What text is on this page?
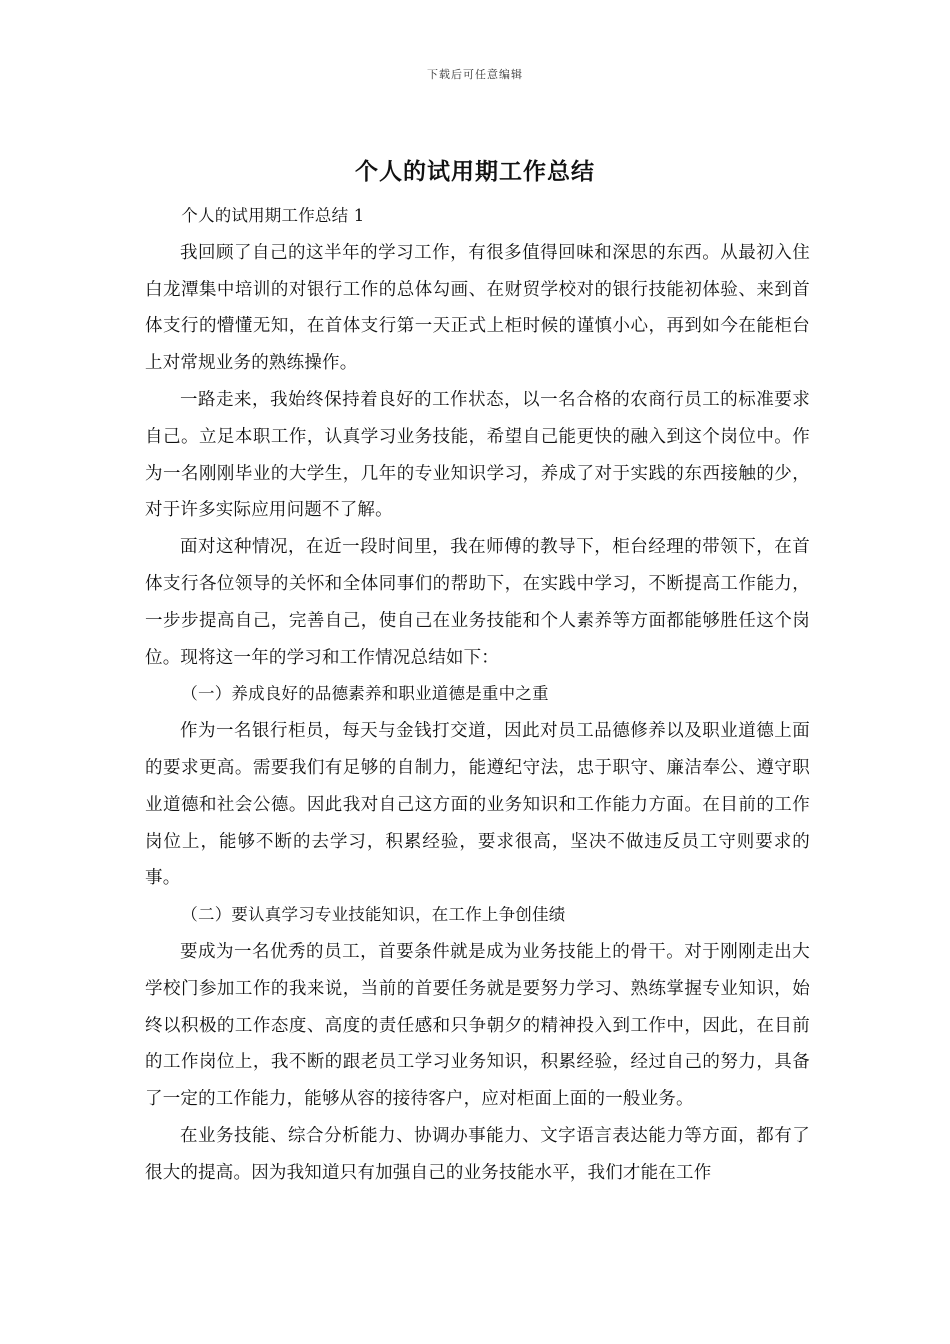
下载后可任意编辑
个人的试用期工作总结

个人的试用期工作总结 1

我回顾了自己的这半年的学习工作，有很多值得回味和深思的东西。从最初入住白龙潭集中培训的对银行工作的总体勾画、在财贸学校对的银行技能初体验、来到首体支行的懵懂无知，在首体支行第一天正式上柜时候的谨慎小心，再到如今在能柜台上对常规业务的熟练操作。

一路走来，我始终保持着良好的工作状态，以一名合格的农商行员工的标准要求自己。立足本职工作，认真学习业务技能，希望自己能更快的融入到这个岗位中。作为一名刚刚毕业的大学生，几年的专业知识学习，养成了对于实践的东西接触的少，对于许多实际应用问题不了解。

面对这种情况，在近一段时间里，我在师傅的教导下，柜台经理的带领下，在首体支行各位领导的关怀和全体同事们的帮助下，在实践中学习，不断提高工作能力，一步步提高自己，完善自己，使自己在业务技能和个人素养等方面都能够胜任这个岗位。现将这一年的学习和工作情况总结如下：

（一）养成良好的品德素养和职业道德是重中之重

作为一名银行柜员，每天与金钱打交道，因此对员工品德修养以及职业道德上面的要求更高。需要我们有足够的自制力，能遵纪守法，忠于职守、廉洁奉公、遵守职业道德和社会公德。因此我对自己这方面的业务知识和工作能力方面。在目前的工作岗位上，能够不断的去学习，积累经验，要求很高，坚决不做违反员工守则要求的事。

（二）要认真学习专业技能知识，在工作上争创佳绩

要成为一名优秀的员工，首要条件就是成为业务技能上的骨干。对于刚刚走出大学校门参加工作的我来说，当前的首要任务就是要努力学习、熟练掌握专业知识，始终以积极的工作态度、高度的责任感和只争朝夕的精神投入到工作中，因此，在目前的工作岗位上，我不断的跟老员工学习业务知识，积累经验，经过自己的努力，具备了一定的工作能力，能够从容的接待客户，应对柜面上面的一般业务。

在业务技能、综合分析能力、协调办事能力、文字语言表达能力等方面，都有了很大的提高。因为我知道只有加强自己的业务技能水平，我们才能在工作
